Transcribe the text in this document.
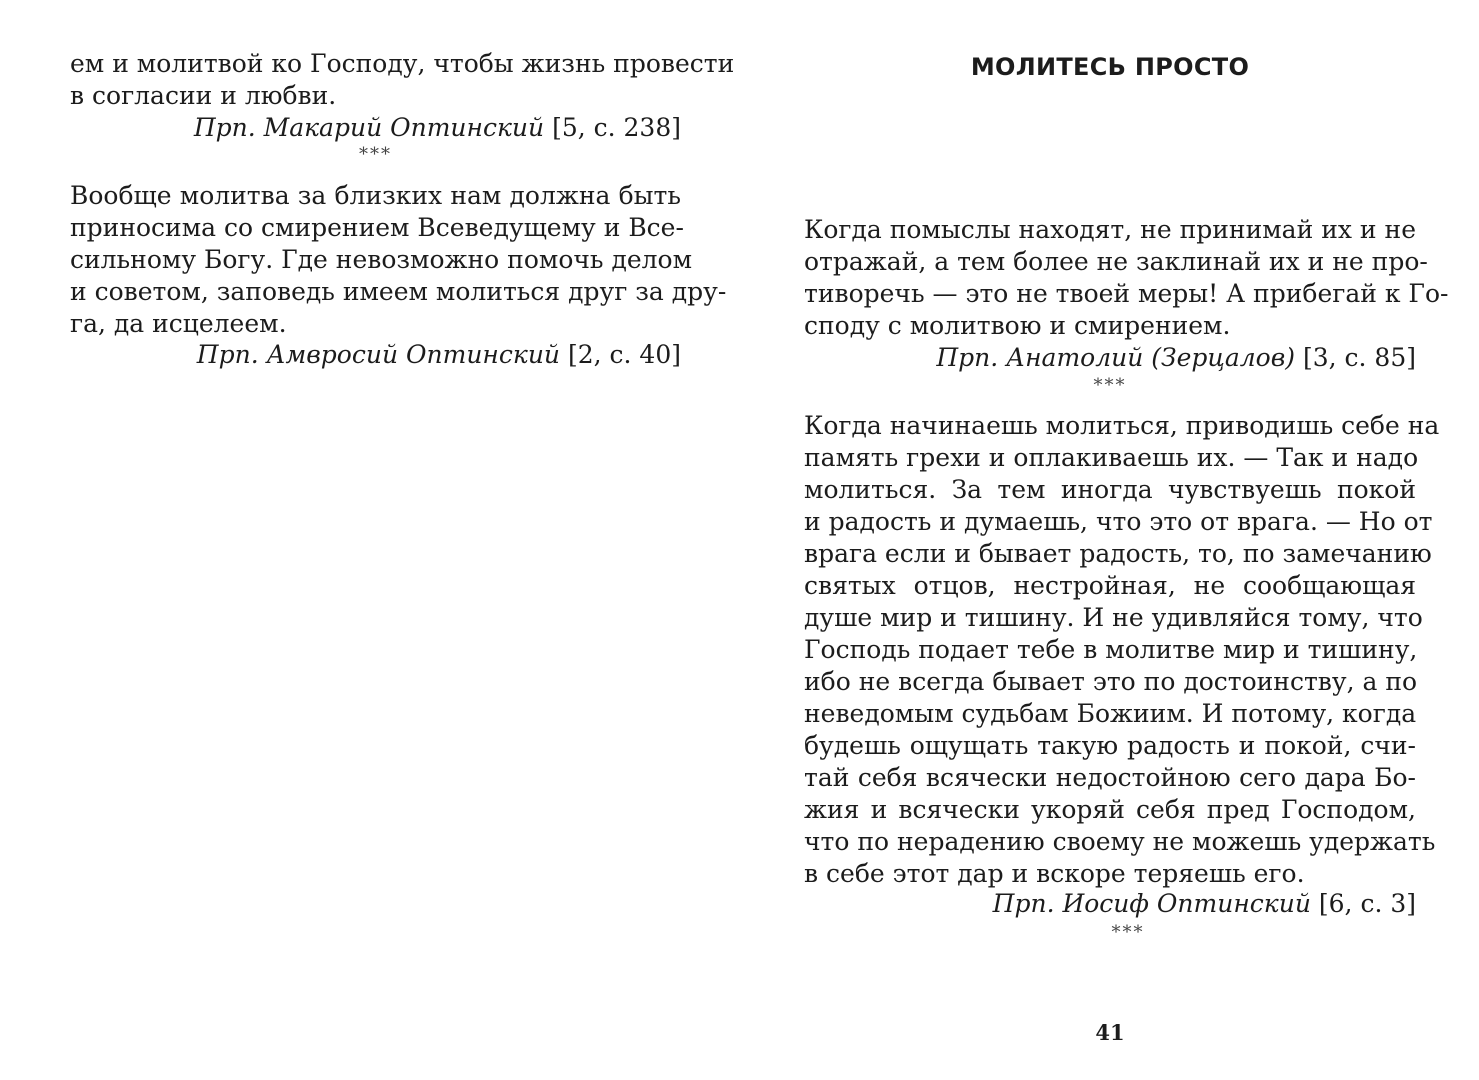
ем и молитвой ко Господу, чтобы жизнь провести
в согласии и любви.
Прп. Макарий Оптинский [5, с. 238]
***
Вообще молитва за близких нам должна быть
приносима со смирением Всеведущему и Все-
сильному Богу. Где невозможно помочь делом
и советом, заповедь имеем молиться друг за дру-
га, да исцелеем.
Прп. Амвросий Оптинский [2, с. 40]
МОЛИТЕСЬ ПРОСТО
Когда помыслы находят, не принимай их и не
отражай, а тем более не заклинай их и не про-
тиворечь — это не твоей меры! А прибегай к Го-
споду с молитвою и смирением.
Прп. Анатолий (Зерцалов) [3, с. 85]
***
Когда начинаешь молиться, приводишь себе на
память грехи и оплакиваешь их. — Так и надо
молиться. За тем иногда чувствуешь покой
и радость и думаешь, что это от врага. — Но от
врага если и бывает радость, то, по замечанию
святых отцов, нестройная, не сообщающая
душе мир и тишину. И не удивляйся тому, что
Господь подает тебе в молитве мир и тишину,
ибо не всегда бывает это по достоинству, а по
неведомым судьбам Божиим. И потому, когда
будешь ощущать такую радость и покой, счи-
тай себя всячески недостойною сего дара Бо-
жия и всячески укоряй себя пред Господом,
что по нерадению своему не можешь удержать
в себе этот дар и вскоре теряешь его.
Прп. Иосиф Оптинский [6, с. 3]
***
41
